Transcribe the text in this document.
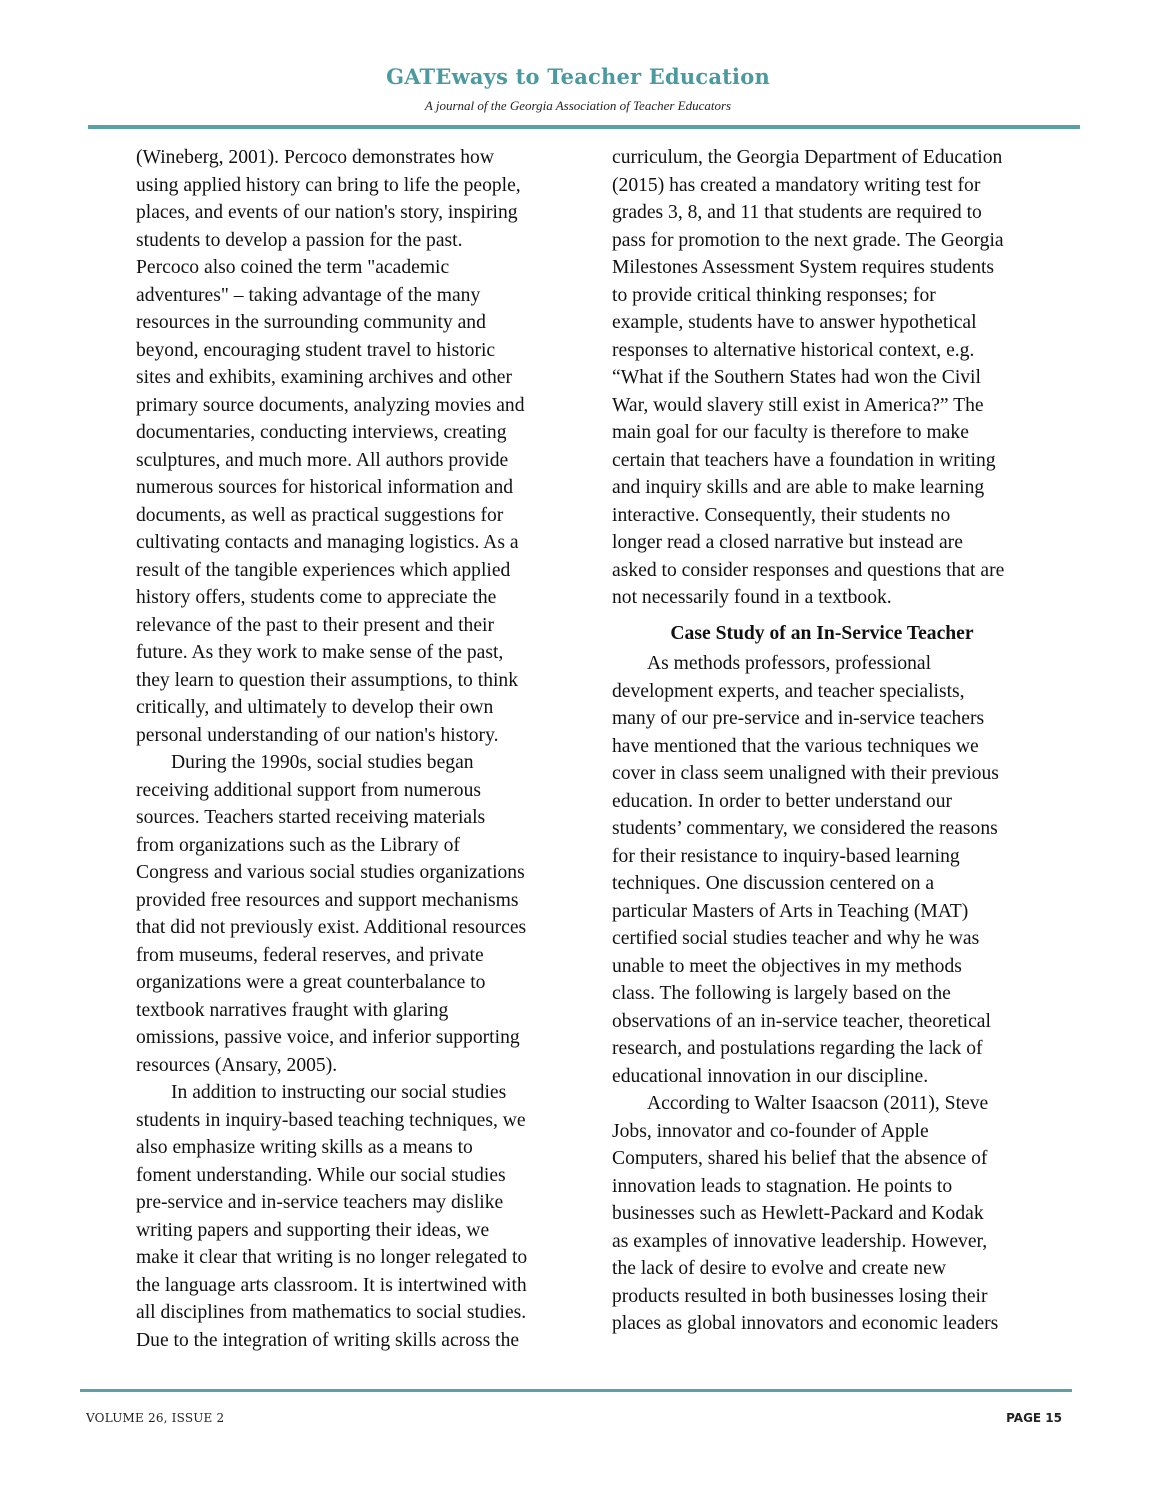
GATEways to Teacher Education
A journal of the Georgia Association of Teacher Educators
(Wineberg, 2001). Percoco demonstrates how
using applied history can bring to life the people,
places, and events of our nation's story, inspiring
students to develop a passion for the past.
Percoco also coined the term "academic
adventures" – taking advantage of the many
resources in the surrounding community and
beyond, encouraging student travel to historic
sites and exhibits, examining archives and other
primary source documents, analyzing movies and
documentaries, conducting interviews, creating
sculptures, and much more. All authors provide
numerous sources for historical information and
documents, as well as practical suggestions for
cultivating contacts and managing logistics. As a
result of the tangible experiences which applied
history offers, students come to appreciate the
relevance of the past to their present and their
future. As they work to make sense of the past,
they learn to question their assumptions, to think
critically, and ultimately to develop their own
personal understanding of our nation's history.
During the 1990s, social studies began
receiving additional support from numerous
sources. Teachers started receiving materials
from organizations such as the Library of
Congress and various social studies organizations
provided free resources and support mechanisms
that did not previously exist. Additional resources
from museums, federal reserves, and private
organizations were a great counterbalance to
textbook narratives fraught with glaring
omissions, passive voice, and inferior supporting
resources (Ansary, 2005).
In addition to instructing our social studies
students in inquiry-based teaching techniques, we
also emphasize writing skills as a means to
foment understanding. While our social studies
pre-service and in-service teachers may dislike
writing papers and supporting their ideas, we
make it clear that writing is no longer relegated to
the language arts classroom. It is intertwined with
all disciplines from mathematics to social studies.
Due to the integration of writing skills across the
curriculum, the Georgia Department of Education
(2015) has created a mandatory writing test for
grades 3, 8, and 11 that students are required to
pass for promotion to the next grade. The Georgia
Milestones Assessment System requires students
to provide critical thinking responses; for
example, students have to answer hypothetical
responses to alternative historical context, e.g.
“What if the Southern States had won the Civil
War, would slavery still exist in America?” The
main goal for our faculty is therefore to make
certain that teachers have a foundation in writing
and inquiry skills and are able to make learning
interactive. Consequently, their students no
longer read a closed narrative but instead are
asked to consider responses and questions that are
not necessarily found in a textbook.
Case Study of an In-Service Teacher
As methods professors, professional
development experts, and teacher specialists,
many of our pre-service and in-service teachers
have mentioned that the various techniques we
cover in class seem unaligned with their previous
education. In order to better understand our
students’ commentary, we considered the reasons
for their resistance to inquiry-based learning
techniques. One discussion centered on a
particular Masters of Arts in Teaching (MAT)
certified social studies teacher and why he was
unable to meet the objectives in my methods
class. The following is largely based on the
observations of an in-service teacher, theoretical
research, and postulations regarding the lack of
educational innovation in our discipline.
According to Walter Isaacson (2011), Steve
Jobs, innovator and co-founder of Apple
Computers, shared his belief that the absence of
innovation leads to stagnation. He points to
businesses such as Hewlett-Packard and Kodak
as examples of innovative leadership. However,
the lack of desire to evolve and create new
products resulted in both businesses losing their
places as global innovators and economic leaders
VOLUME 26, ISSUE 2	PAGE 15
